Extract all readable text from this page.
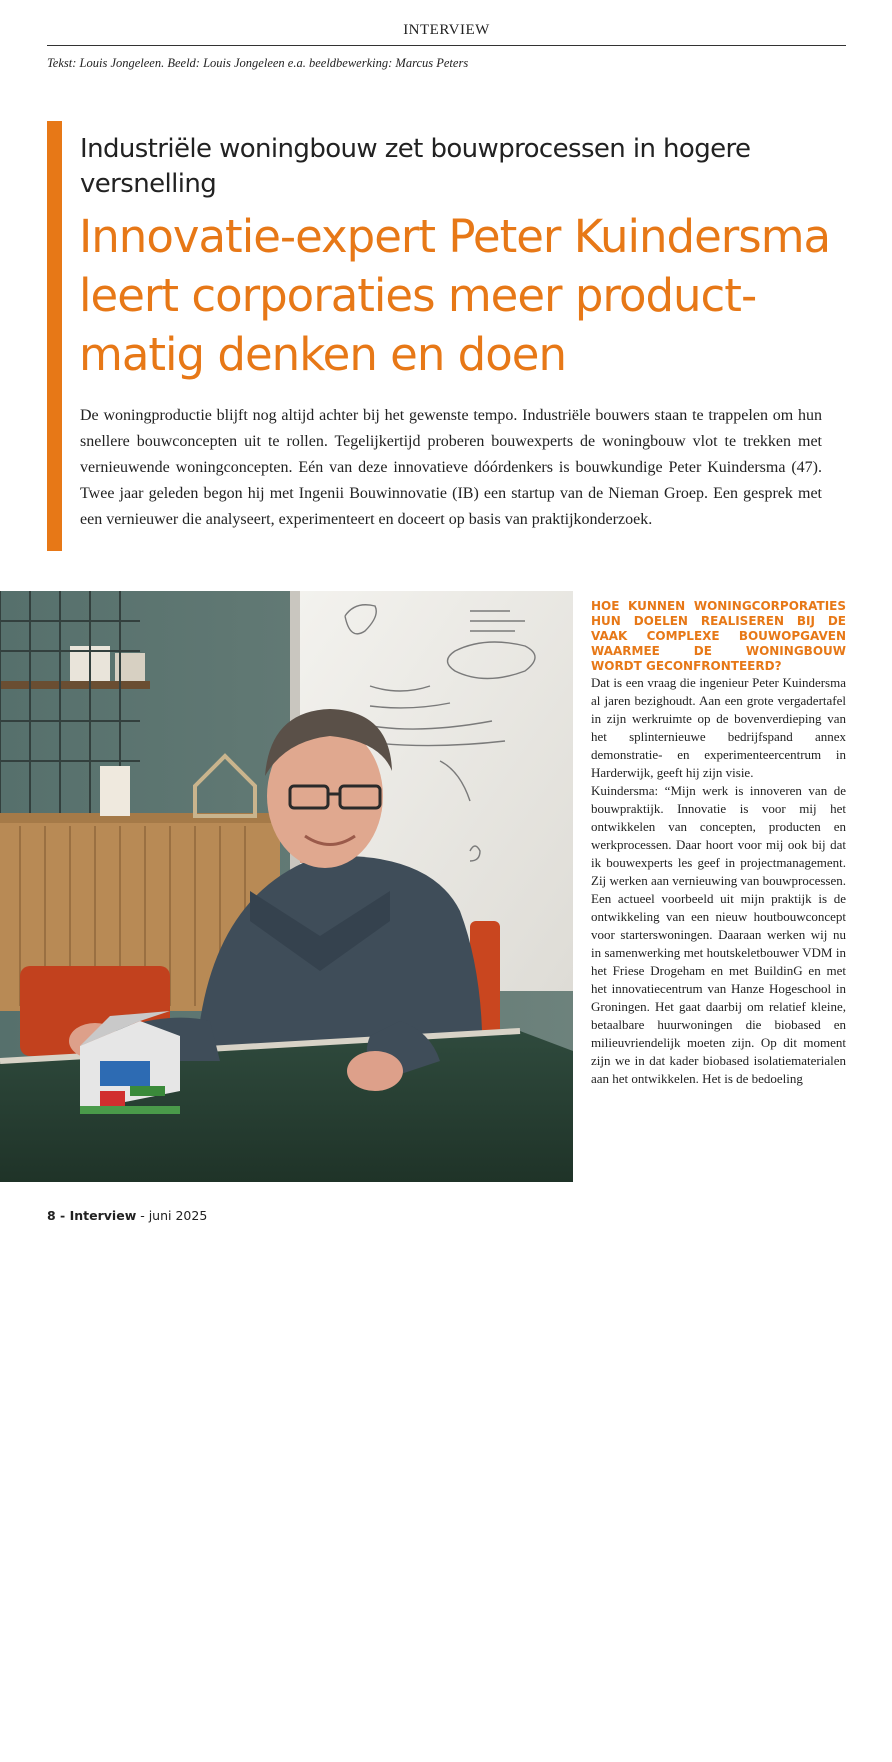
INTERVIEW
Tekst: Louis Jongeleen. Beeld: Louis Jongeleen e.a. beeldbewerking: Marcus Peters
Industriële woningbouw zet bouwprocessen in hogere versnelling
Innovatie-expert Peter Kuindersma leert corporaties meer product-matig denken en doen
De woningproductie blijft nog altijd achter bij het gewenste tempo. Industriële bouwers staan te trappelen om hun snellere bouwconcepten uit te rollen. Tegelijkertijd proberen bouwexperts de woningbouw vlot te trekken met vernieuwende woningconcepten. Eén van deze innovatieve dóórdenkers is bouwkundige Peter Kuindersma (47). Twee jaar geleden begon hij met Ingenii Bouwinnovatie (IB) een startup van de Nieman Groep. Een gesprek met een vernieuwer die analyseert, experimenteert en doceert op basis van praktijkonderzoek.
LEGO prikkelt nog altijd de fantasie van bouwprofessionals
HOE KUNNEN WONINGCORPORATIES
HUN DOELEN REALISEREN BIJ DE
VAAK COMPLEXE BOUWOPGAVEN
WAARMEE DE WONINGBOUW
WORDT GECONFRONTEERD?

Dat is een vraag die ingenieur Peter Kuindersma al jaren bezighoudt. Aan een grote vergadertafel in zijn werkruimte op de bovenverdieping van het splinternieuwe bedrijfspand annex demonstratie- en experimenteercentrum in Harderwijk, geeft hij zijn visie.

Kuindersma: “Mijn werk is innoveren van de bouwpraktijk. Innovatie is voor mij het ontwikkelen van concepten, producten en werkprocessen. Daar hoort voor mij ook bij dat ik bouwexperts les geef in projectmanagement. Zij werken aan vernieuwing van bouwprocessen. Een actueel voorbeeld uit mijn praktijk is de ontwikkeling van een nieuw houtbouwconcept voor starterswoningen. Daaraan werken wij nu in samenwerking met houtskeletbouwer VDM in het Friese Drogeham en met BuildinG en met het innovatiecentrum van Hanze Hogeschool in Groningen. Het gaat daarbij om relatief kleine, betaalbare huurwoningen die biobased en milieuvriendelijk moeten zijn. Op dit moment zijn we in dat kader biobased isolatiematerialen aan het ontwikkelen. Het is de bedoeling

8 - Interview - juni 2025
